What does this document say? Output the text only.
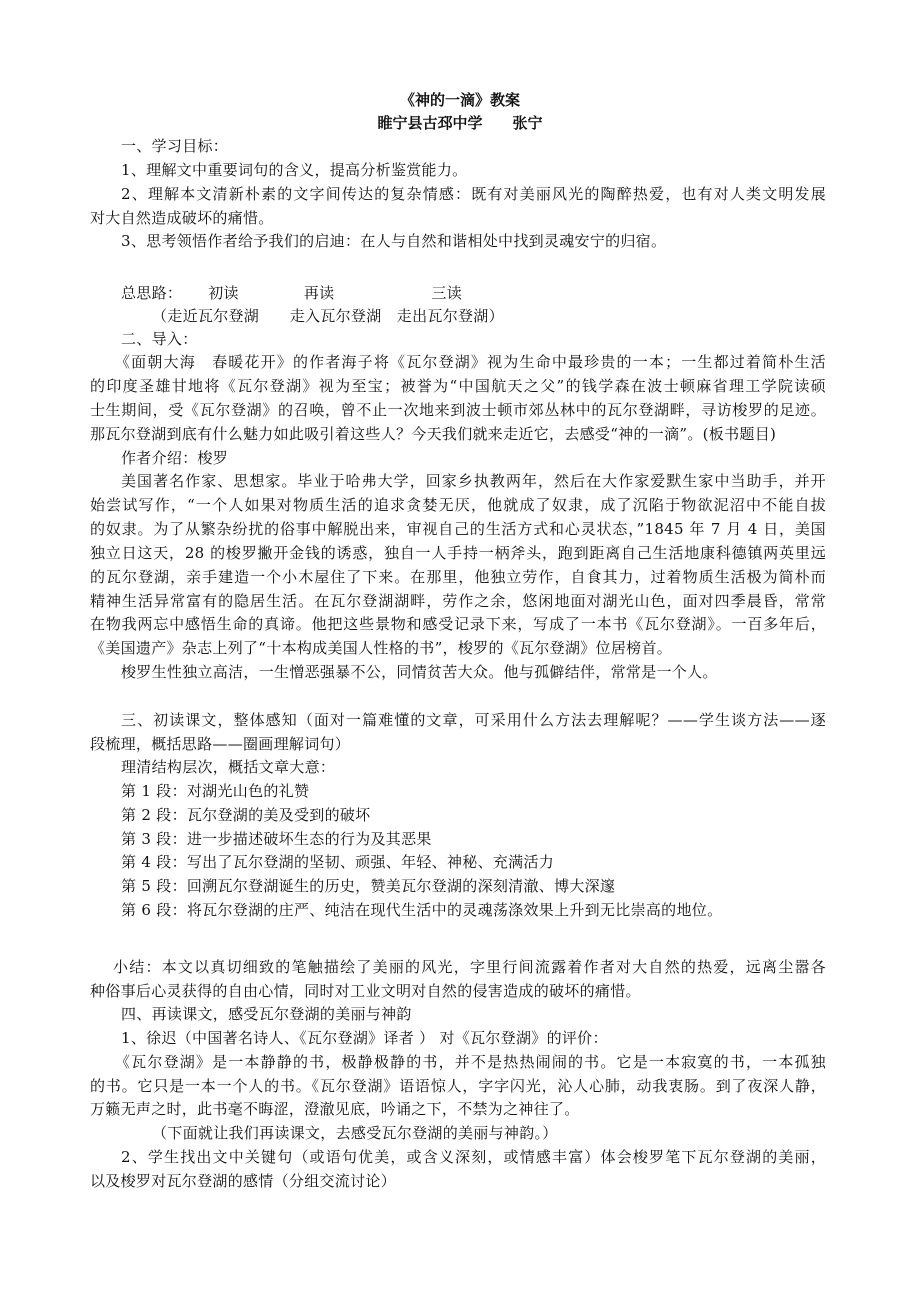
《神的一滴》教案
睢宁县古邳中学　　张宁
一、学习目标：
1、理解文中重要词句的含义，提高分析鉴赏能力。
2、理解本文清新朴素的文字间传达的复杂情感：既有对美丽风光的陶醉热爱，也有对人类文明发展
对大自然造成破坏的痛惜。
3、思考领悟作者给予我们的启迪：在人与自然和谐相处中找到灵魂安宁的归宿。
总思路： 初读	再读	三读
（走近瓦尔登湖　　走入瓦尔登湖　走出瓦尔登湖）
二、导入：
《面朝大海　春暖花开》的作者海子将《瓦尔登湖》视为生命中最珍贵的一本；一生都过着简朴生活
的印度圣雄甘地将《瓦尔登湖》视为至宝；被誉为“中国航天之父”的钱学森在波士顿麻省理工学院读硕
士生期间，受《瓦尔登湖》的召唤，曾不止一次地来到波士顿市郊丛林中的瓦尔登湖畔，寻访梭罗的足迹。
那瓦尔登湖到底有什么魅力如此吸引着这些人？今天我们就来走近它，去感受“神的一滴”。(板书题目)
作者介绍：梭罗
美国著名作家、思想家。毕业于哈弗大学，回家乡执教两年，然后在大作家爱默生家中当助手，并开
始尝试写作，“一个人如果对物质生活的追求贪婪无厌，他就成了奴隶，成了沉陷于物欲泥沼中不能自拔
的奴隶。为了从繁杂纷扰的俗事中解脱出来，审视自己的生活方式和心灵状态，”1845 年 7 月 4 日，美国
独立日这天，28 的梭罗撇开金钱的诱惑，独自一人手持一柄斧头，跑到距离自己生活地康科德镇两英里远
的瓦尔登湖，亲手建造一个小木屋住了下来。在那里，他独立劳作，自食其力，过着物质生活极为简朴而
精神生活异常富有的隐居生活。在瓦尔登湖湖畔，劳作之余，悠闲地面对湖光山色，面对四季晨昏，常常
在物我两忘中感悟生命的真谛。他把这些景物和感受记录下来，写成了一本书《瓦尔登湖》。一百多年后，
《美国遗产》杂志上列了“十本构成美国人性格的书”，梭罗的《瓦尔登湖》位居榜首。
梭罗生性独立高洁，一生憎恶强暴不公，同情贫苦大众。他与孤僻结伴，常常是一个人。
三、初读课文，整体感知（面对一篇难懂的文章，可采用什么方法去理解呢？——学生谈方法——逐
段梳理，概括思路——圈画理解词句）
理清结构层次，概括文章大意：
第 1 段：对湖光山色的礼赞
第 2 段：瓦尔登湖的美及受到的破坏
第 3 段：进一步描述破坏生态的行为及其恶果
第 4 段：写出了瓦尔登湖的坚韧、顽强、年轻、神秘、充满活力
第 5 段：回溯瓦尔登湖诞生的历史，赞美瓦尔登湖的深刻清澈、博大深邃
第 6 段：将瓦尔登湖的庄严、纯洁在现代生活中的灵魂荡涤效果上升到无比崇高的地位。
小结：本文以真切细致的笔触描绘了美丽的风光，字里行间流露着作者对大自然的热爱，远离尘嚣各
种俗事后心灵获得的自由心情，同时对工业文明对自然的侵害造成的破坏的痛惜。
四、再读课文，感受瓦尔登湖的美丽与神韵
1、徐迟（中国著名诗人、《瓦尔登湖》译者 ） 对《瓦尔登湖》的评价：
《瓦尔登湖》是一本静静的书，极静极静的书，并不是热热闹闹的书。它是一本寂寞的书，一本孤独
的书。它只是一本一个人的书。《瓦尔登湖》语语惊人，字字闪光，沁人心肺，动我衷肠。到了夜深人静，
万籁无声之时，此书毫不晦涩，澄澈见底，吟诵之下，不禁为之神往了。
（下面就让我们再读课文，去感受瓦尔登湖的美丽与神韵。）
2、学生找出文中关键句（或语句优美，或含义深刻，或情感丰富）体会梭罗笔下瓦尔登湖的美丽，
以及梭罗对瓦尔登湖的感情（分组交流讨论）
